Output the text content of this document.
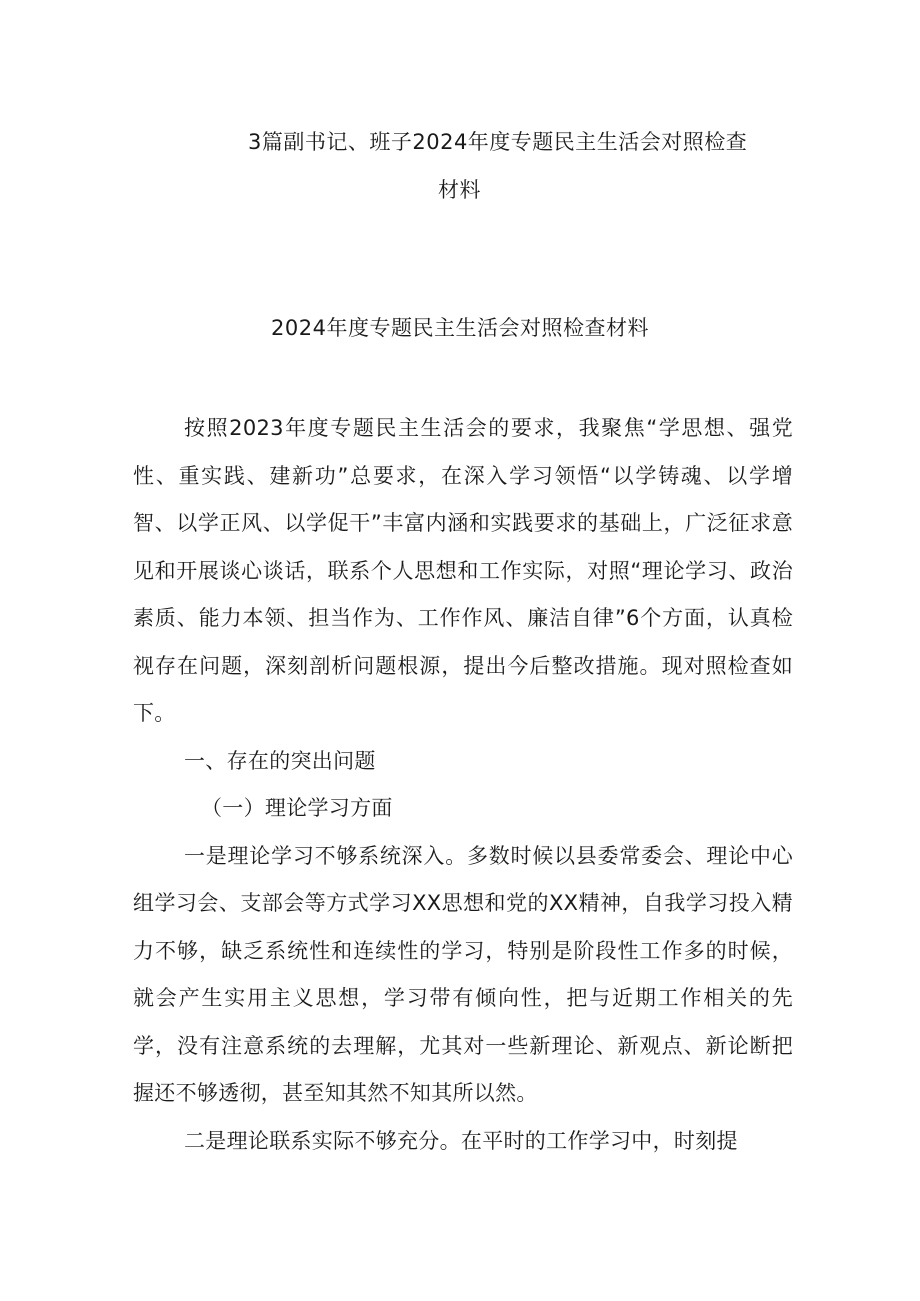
3篇副书记、班子2024年度专题民主生活会对照检查
材料
2024年度专题民主生活会对照检查材料

按照2023年度专题民主生活会的要求，我聚焦“学思想、强党性、重实践、建新功”总要求，在深入学习领悟“以学铸魂、以学增智、以学正风、以学促干”丰富内涵和实践要求的基础上，广泛征求意见和开展谈心谈话，联系个人思想和工作实际，对照“理论学习、政治素质、能力本领、担当作为、工作作风、廉洁自律”6个方面，认真检视存在问题，深刻剖析问题根源，提出今后整改措施。现对照检查如下。

一、存在的突出问题

（一）理论学习方面

一是理论学习不够系统深入。多数时候以县委常委会、理论中心组学习会、支部会等方式学习XX思想和党的XX精神，自我学习投入精力不够，缺乏系统性和连续性的学习，特别是阶段性工作多的时候，就会产生实用主义思想，学习带有倾向性，把与近期工作相关的先学，没有注意系统的去理解，尤其对一些新理论、新观点、新论断把握还不够透彻，甚至知其然不知其所以然。

二是理论联系实际不够充分。在平时的工作学习中，时刻提
